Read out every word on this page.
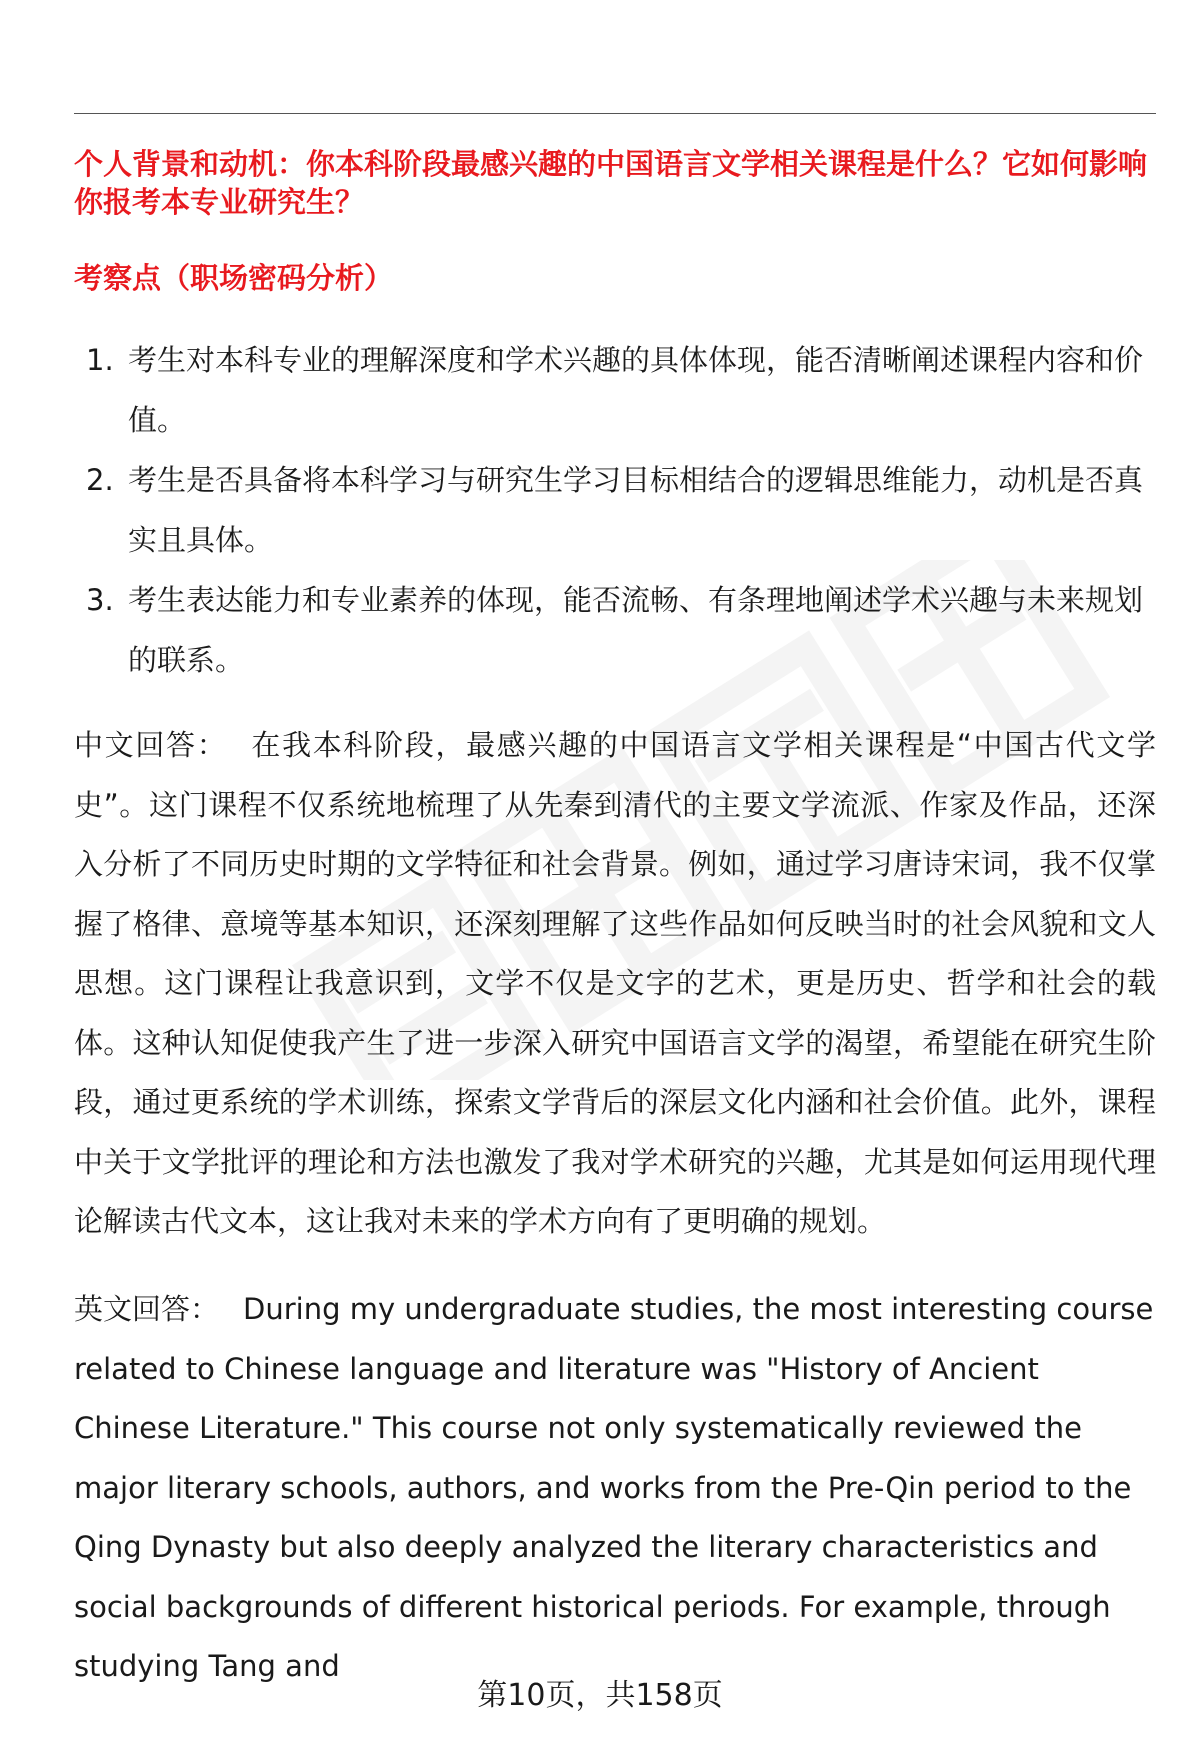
个人背景和动机：你本科阶段最感兴趣的中国语言文学相关课程是什么？它如何影响你报考本专业研究生？
考察点（职场密码分析）
1. 考生对本科专业的理解深度和学术兴趣的具体体现，能否清晰阐述课程内容和价值。
2. 考生是否具备将本科学习与研究生学习目标相结合的逻辑思维能力，动机是否真实且具体。
3. 考生表达能力和专业素养的体现，能否流畅、有条理地阐述学术兴趣与未来规划的联系。

中文回答： 在我本科阶段，最感兴趣的中国语言文学相关课程是“中国古代文学史”。这门课程不仅系统地梳理了从先秦到清代的主要文学流派、作家及作品，还深入分析了不同历史时期的文学特征和社会背景。例如，通过学习唐诗宋词，我不仅掌握了格律、意境等基本知识，还深刻理解了这些作品如何反映当时的社会风貌和文人思想。这门课程让我意识到，文学不仅是文字的艺术，更是历史、哲学和社会的载体。这种认知促使我产生了进一步深入研究中国语言文学的渴望，希望能在研究生阶段，通过更系统的学术训练，探索文学背后的深层文化内涵和社会价值。此外，课程中关于文学批评的理论和方法也激发了我对学术研究的兴趣，尤其是如何运用现代理论解读古代文本，这让我对未来的学术方向有了更明确的规划。

英文回答： During my undergraduate studies, the most interesting course related to Chinese language and literature was "History of Ancient Chinese Literature." This course not only systematically reviewed the major literary schools, authors, and works from the Pre-Qin period to the Qing Dynasty but also deeply analyzed the literary characteristics and social backgrounds of different historical periods. For example, through studying Tang and

第10页，共158页
